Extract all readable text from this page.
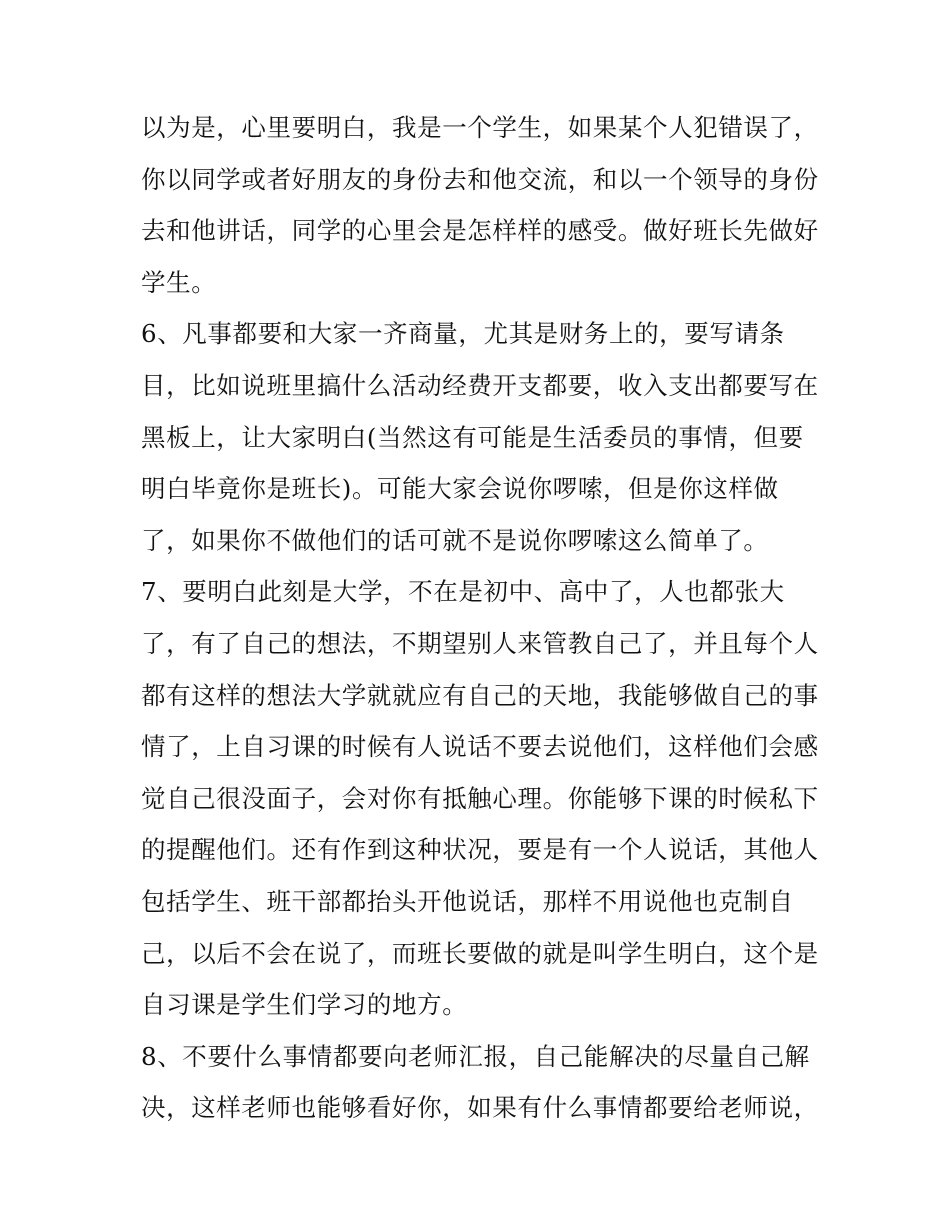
以为是，心里要明白，我是一个学生，如果某个人犯错误了，
你以同学或者好朋友的身份去和他交流，和以一个领导的身份
去和他讲话，同学的心里会是怎样样的感受。做好班长先做好
学生。
6、凡事都要和大家一齐商量，尤其是财务上的，要写请条
目，比如说班里搞什么活动经费开支都要，收入支出都要写在
黑板上，让大家明白(当然这有可能是生活委员的事情，但要
明白毕竟你是班长)。可能大家会说你啰嗦，但是你这样做
了，如果你不做他们的话可就不是说你啰嗦这么简单了。
7、要明白此刻是大学，不在是初中、高中了，人也都张大
了，有了自己的想法，不期望别人来管教自己了，并且每个人
都有这样的想法大学就就应有自己的天地，我能够做自己的事
情了，上自习课的时候有人说话不要去说他们，这样他们会感
觉自己很没面子，会对你有抵触心理。你能够下课的时候私下
的提醒他们。还有作到这种状况，要是有一个人说话，其他人
包括学生、班干部都抬头开他说话，那样不用说他也克制自
己，以后不会在说了，而班长要做的就是叫学生明白，这个是
自习课是学生们学习的地方。
8、不要什么事情都要向老师汇报，自己能解决的尽量自己解
决，这样老师也能够看好你，如果有什么事情都要给老师说，
